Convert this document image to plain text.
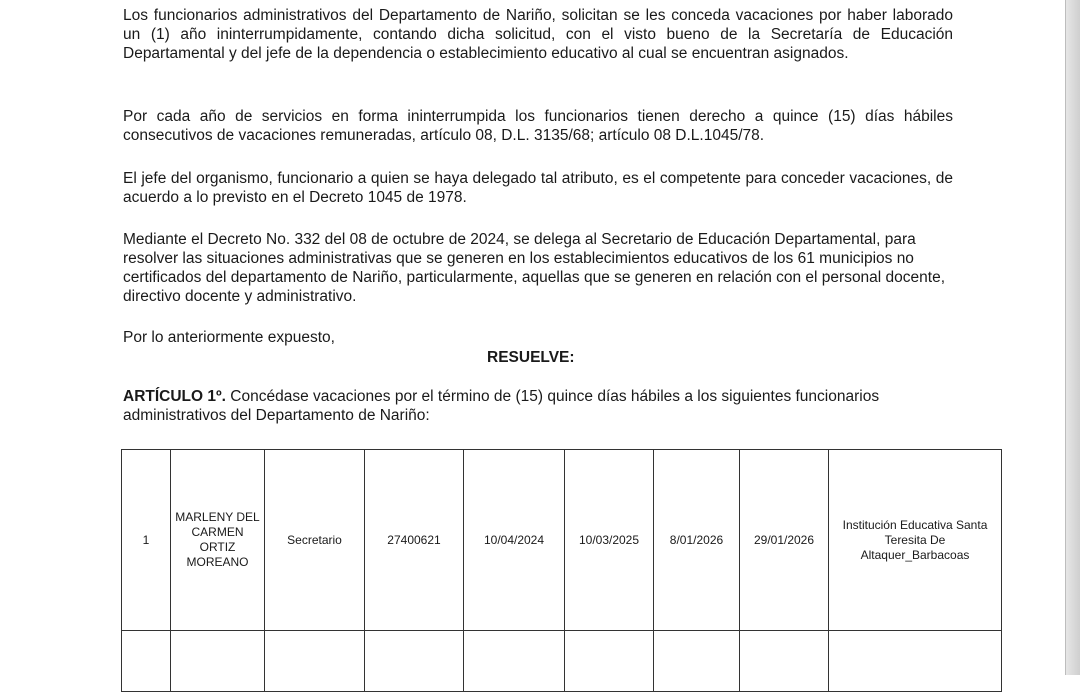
Los funcionarios administrativos del Departamento de Nariño, solicitan se les conceda vacaciones por haber laborado un (1) año ininterrumpidamente, contando dicha solicitud, con el visto bueno de la Secretaría de Educación Departamental y del jefe de la dependencia o establecimiento educativo al cual se encuentran asignados.

Por cada año de servicios en forma ininterrumpida los funcionarios tienen derecho a quince (15) días hábiles consecutivos de vacaciones remuneradas, artículo 08, D.L. 3135/68; artículo 08 D.L.1045/78.

El jefe del organismo, funcionario a quien se haya delegado tal atributo, es el competente para conceder vacaciones, de acuerdo a lo previsto en el Decreto 1045 de 1978.

Mediante el Decreto No. 332 del 08 de octubre de 2024, se delega al Secretario de Educación Departamental, para resolver las situaciones administrativas que se generen en los establecimientos educativos de los 61 municipios no certificados del departamento de Nariño, particularmente, aquellas que se generen en relación con el personal docente, directivo docente y administrativo.

Por lo anteriormente expuesto,

RESUELVE:

ARTÍCULO 1º. Concédase vacaciones por el término de (15) quince días hábiles a los siguientes funcionarios administrativos del Departamento de Nariño:

1	MARLENY DEL CARMEN ORTIZ MOREANO	Secretario	27400621	10/04/2024	10/03/2025	8/01/2026	29/01/2026	Institución Educativa Santa Teresita De Altaquer_Barbacoas
